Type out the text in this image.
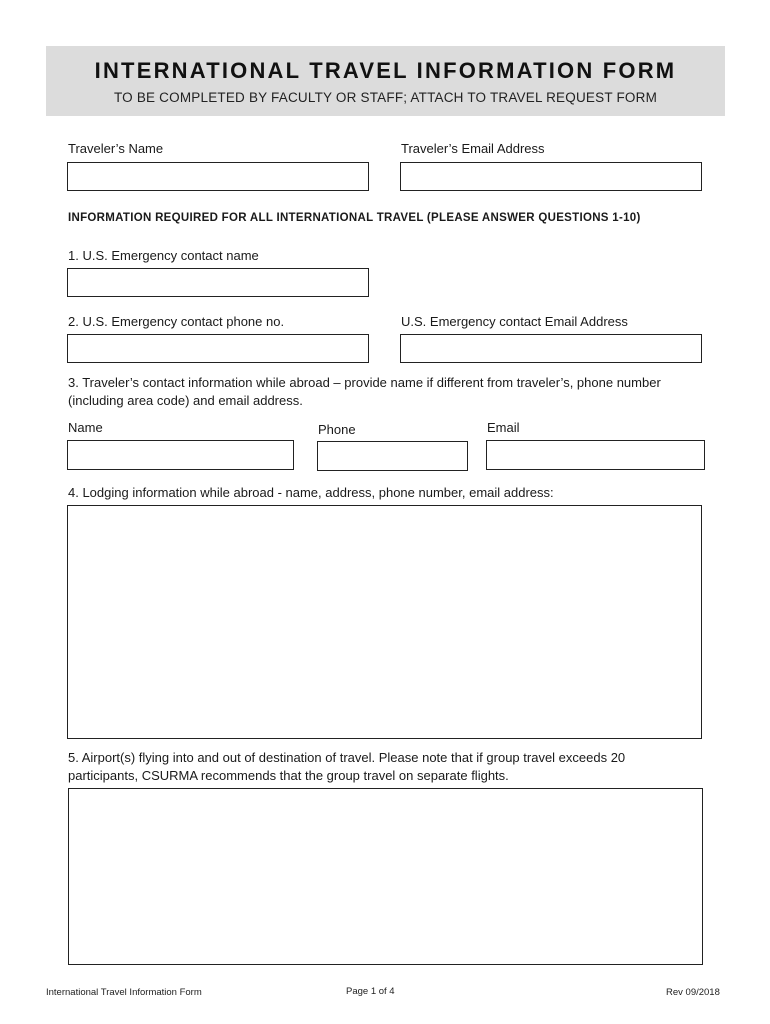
INTERNATIONAL TRAVEL INFORMATION FORM
TO BE COMPLETED BY FACULTY OR STAFF; ATTACH TO TRAVEL REQUEST FORM
Traveler’s Name	Traveler’s Email Address
INFORMATION REQUIRED FOR ALL INTERNATIONAL TRAVEL (PLEASE ANSWER QUESTIONS 1-10)
1. U.S. Emergency contact name
2. U.S. Emergency contact phone no.	U.S. Emergency contact Email Address
3. Traveler’s contact information while abroad – provide name if different from traveler’s, phone number (including area code) and email address.
Name	Phone	Email
4. Lodging information while abroad - name, address, phone number, email address:
5. Airport(s) flying into and out of destination of travel. Please note that if group travel exceeds 20 participants, CSURMA recommends that the group travel on separate flights.
International Travel Information Form	Page 1 of 4	Rev 09/2018
